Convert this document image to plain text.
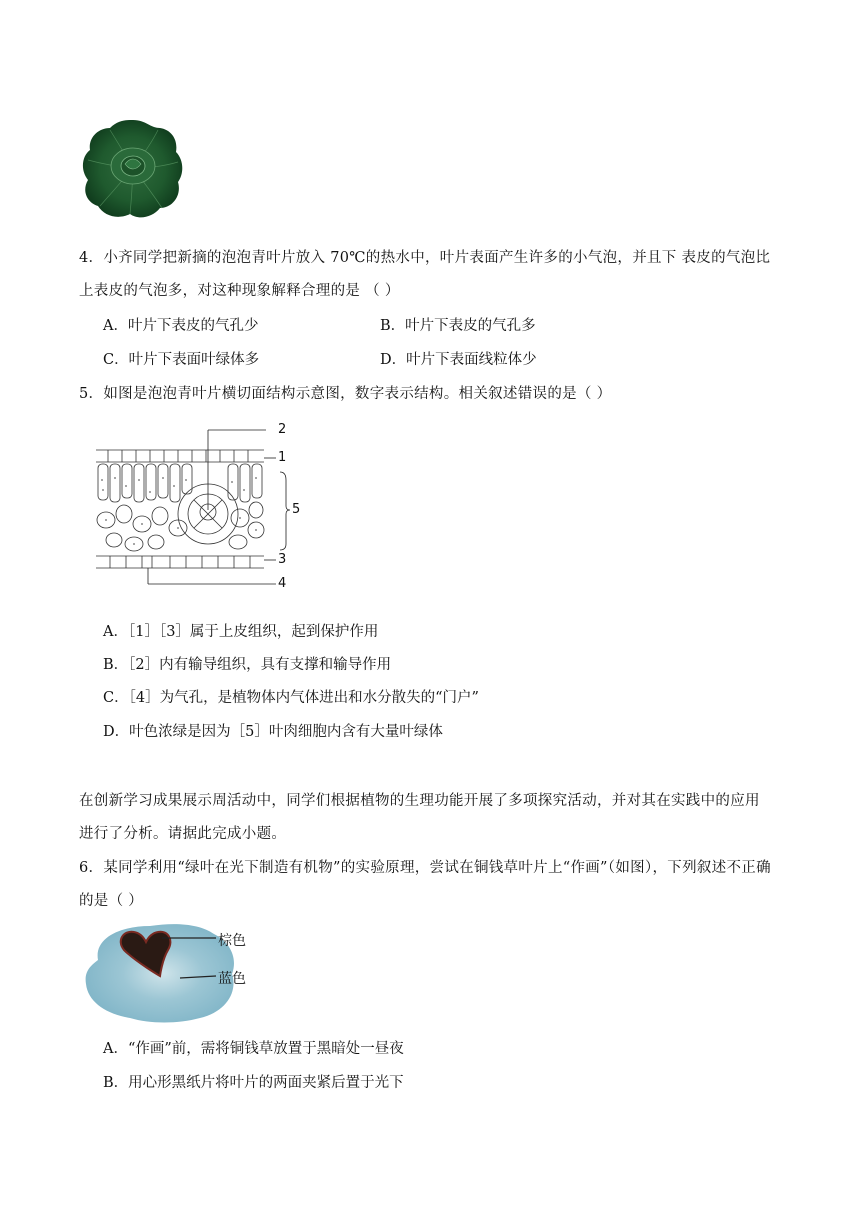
4．小齐同学把新摘的泡泡青叶片放入 70℃的热水中，叶片表面产生许多的小气泡，并且下 表皮的气泡比
上表皮的气泡多，对这种现象解释合理的是 （ ）
A．叶片下表皮的气孔少	B．叶片下表皮的气孔多
C．叶片下表面叶绿体多	D．叶片下表面线粒体少
5．如图是泡泡青叶片横切面结构示意图，数字表示结构。相关叙述错误的是（ ）
2
1
5
3
4
A．［1］［3］属于上皮组织，起到保护作用
B．［2］内有输导组织，具有支撑和输导作用
C．［4］为气孔，是植物体内气体进出和水分散失的“门户”
D．叶色浓绿是因为［5］叶肉细胞内含有大量叶绿体
在创新学习成果展示周活动中，同学们根据植物的生理功能开展了多项探究活动，并对其在实践中的应用
进行了分析。请据此完成小题。
6．某同学利用“绿叶在光下制造有机物”的实验原理，尝试在铜钱草叶片上“作画”（如图），下列叙述不正确
的是（ ）
棕色
蓝色
A．“作画”前，需将铜钱草放置于黑暗处一昼夜
B．用心形黑纸片将叶片的两面夹紧后置于光下
